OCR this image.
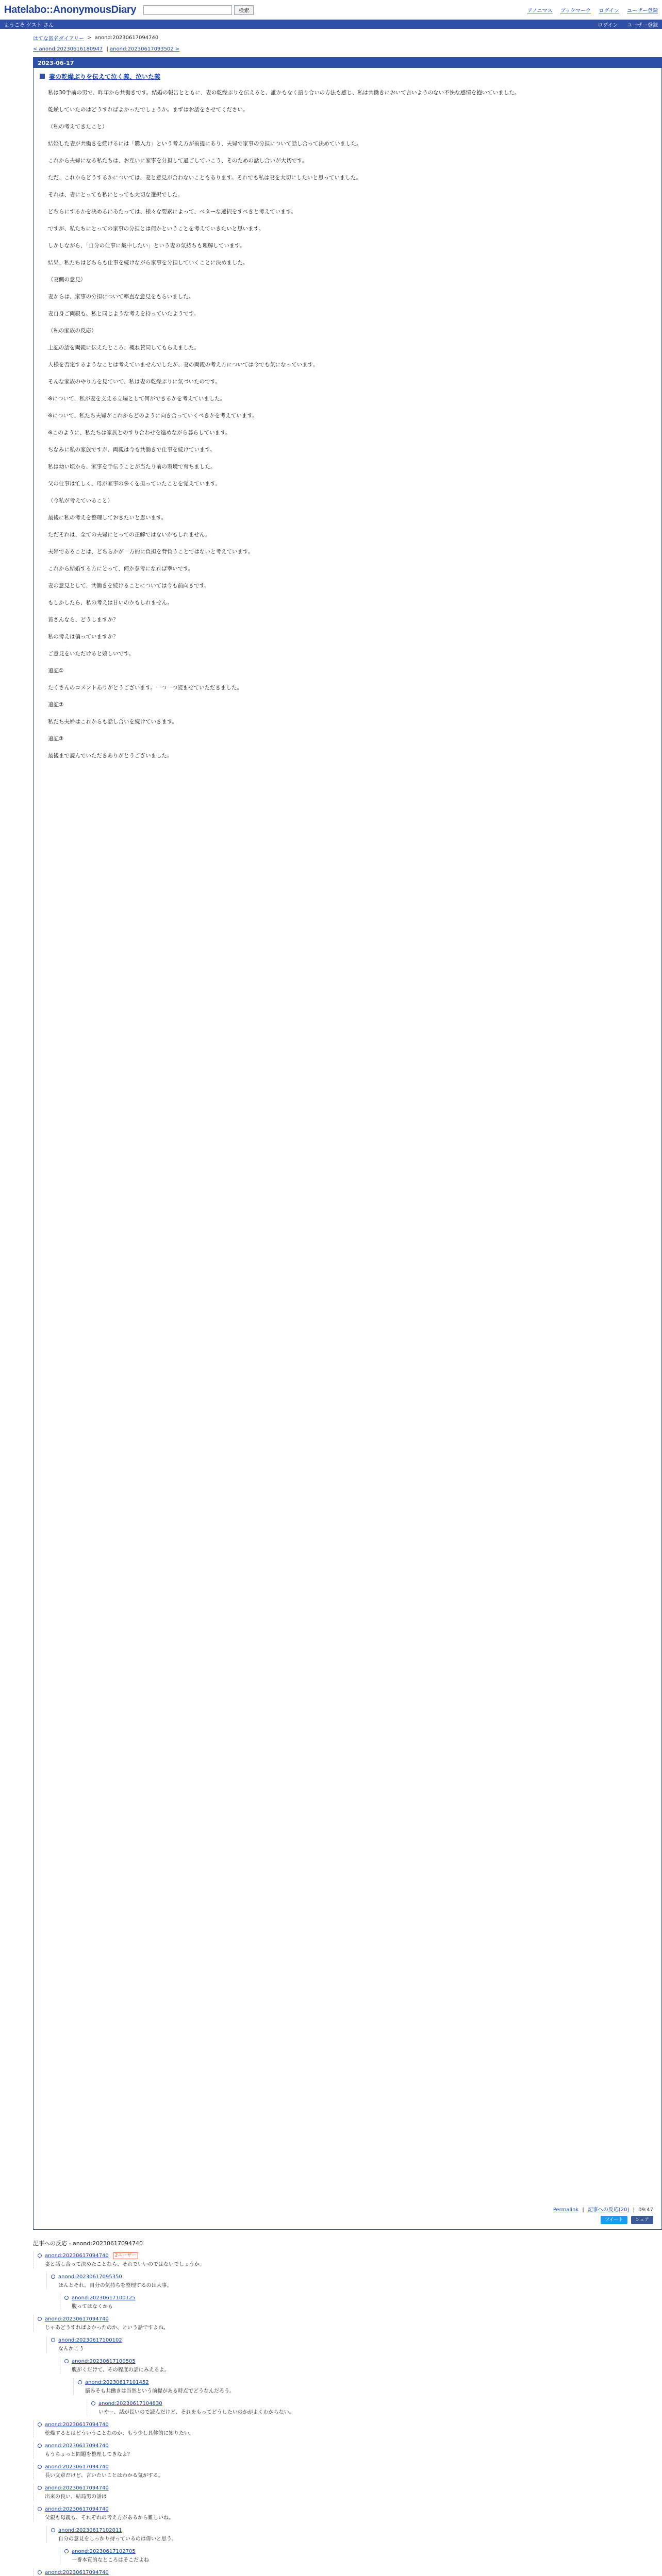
Hatelabo::AnonymousDiary	検索	アノニマス ブックマーク ログイン ユーザー登録
ようこそ ゲスト さん	ログイン ユーザー登録
はてな匿名ダイアリー > anond:20230617094740
< anond:20230616180947 | anond:20230617093502 >
2023-06-17
妻の乾燥ぶりを伝えて泣く義、泣いた義

私は30手前の男で、昨年から共働きです。結婚の報告とともに、妻の乾燥ぶりを伝えると、誰かもなく語り合いの方法も感じ、私は共働きにおいて言いようのない不快な感情を抱いていました。

乾燥していたのはどうすればよかったでしょうか。まずはお話をさせてください。

（私の考えてきたこと）

結婚した妻が共働きを続けるには「購入力」という考え方が前提にあり、夫婦で家事の分担について話し合って決めていました。

これから夫婦になる私たちは、お互いに家事を分担して過ごしていこう、そのための話し合いが大切です。

ただ、これからどうするかについては、妻と意見が合わないこともあります。それでも私は妻を大切にしたいと思っていました。

それは、妻にとっても私にとっても大切な選択でした。

どちらにするかを決めるにあたっては、様々な要素によって、ベターな選択をすべきと考えています。

ですが、私たちにとっての家事の分担とは何かということを考えていきたいと思います。

しかしながら、「自分の仕事に集中したい」という妻の気持ちも理解しています。

結果、私たちはどちらも仕事を続けながら家事を分担していくことに決めました。

（妻側の意見）

妻からは、家事の分担について率直な意見をもらいました。

妻自身ご両親も、私と同じような考えを持っていたようです。

（私の家族の反応）

上記の話を両親に伝えたところ、概ね賛同してもらえました。

人様を否定するようなことは考えていませんでしたが、妻の両親の考え方については今でも気になっています。

そんな家族のやり方を見ていて、私は妻の乾燥ぶりに気づいたのです。

※について、私が妻を支える立場として何ができるかを考えていました。

※について、私たち夫婦がこれからどのように向き合っていくべきかを考えています。

※このように、私たちは家族とのすり合わせを進めながら暮らしています。

ちなみに私の家族ですが、両親は今も共働きで仕事を続けています。

私は幼い頃から、家事を手伝うことが当たり前の環境で育ちました。

父の仕事は忙しく、母が家事の多くを担っていたことを覚えています。

（今私が考えていること）

最後に私の考えを整理しておきたいと思います。

ただそれは、全ての夫婦にとっての正解ではないかもしれません。

夫婦であることは、どちらかが一方的に負担を背負うことではないと考えています。

これから結婚する方にとって、何か参考になれば幸いです。

妻の意見として、共働きを続けることについては今も前向きです。

もしかしたら、私の考えは甘いのかもしれません。

皆さんなら、どうしますか？

私の考えは偏っていますか？

ご意見をいただけると嬉しいです。

追記①

たくさんのコメントありがとうございます。一つ一つ読ませていただきました。

追記②

私たち夫婦はこれからも話し合いを続けていきます。

追記③

最後まで読んでいただきありがとうございました。

Permalink | 記事への反応(20) | 09:47
ツイート	シェア
記事への反応 - anond:20230617094740
anond:20230617094740	2ユーザー
妻と話し合って決めたことなら、それでいいのではないでしょうか。
anond:20230617095350
ほんとそれ。自分の気持ちを整理するのは大事。
anond:20230617100125
腹ってはなくかも
anond:20230617094740
じゃあどうすればよかったのか、という話ですよね。
anond:20230617100102
なんかこう
anond:20230617100505
腹がくだけて、その程度の話にみえるよ。
anond:20230617101452
脳みそも共働きは当然という前提がある時点でどうなんだろう。
anond:20230617104830
いやー、話が長いので読んだけど、それをもってどうしたいのかがよくわからない。
anond:20230617094740
乾燥するとはどういうことなのか、もう少し具体的に知りたい。
anond:20230617094740
もうちょっと問題を整理してきなよ？
anond:20230617094740
長い文章だけど、言いたいことはわかる気がする。
anond:20230617094740
出来の良い、結局男の話は
anond:20230617094740
父親も母親も、それぞれの考え方があるから難しいね。
anond:20230617102011
自分の意見をしっかり持っているのは偉いと思う。
anond:20230617102705
一番本質的なところはそこだよね
anond:20230617094740
